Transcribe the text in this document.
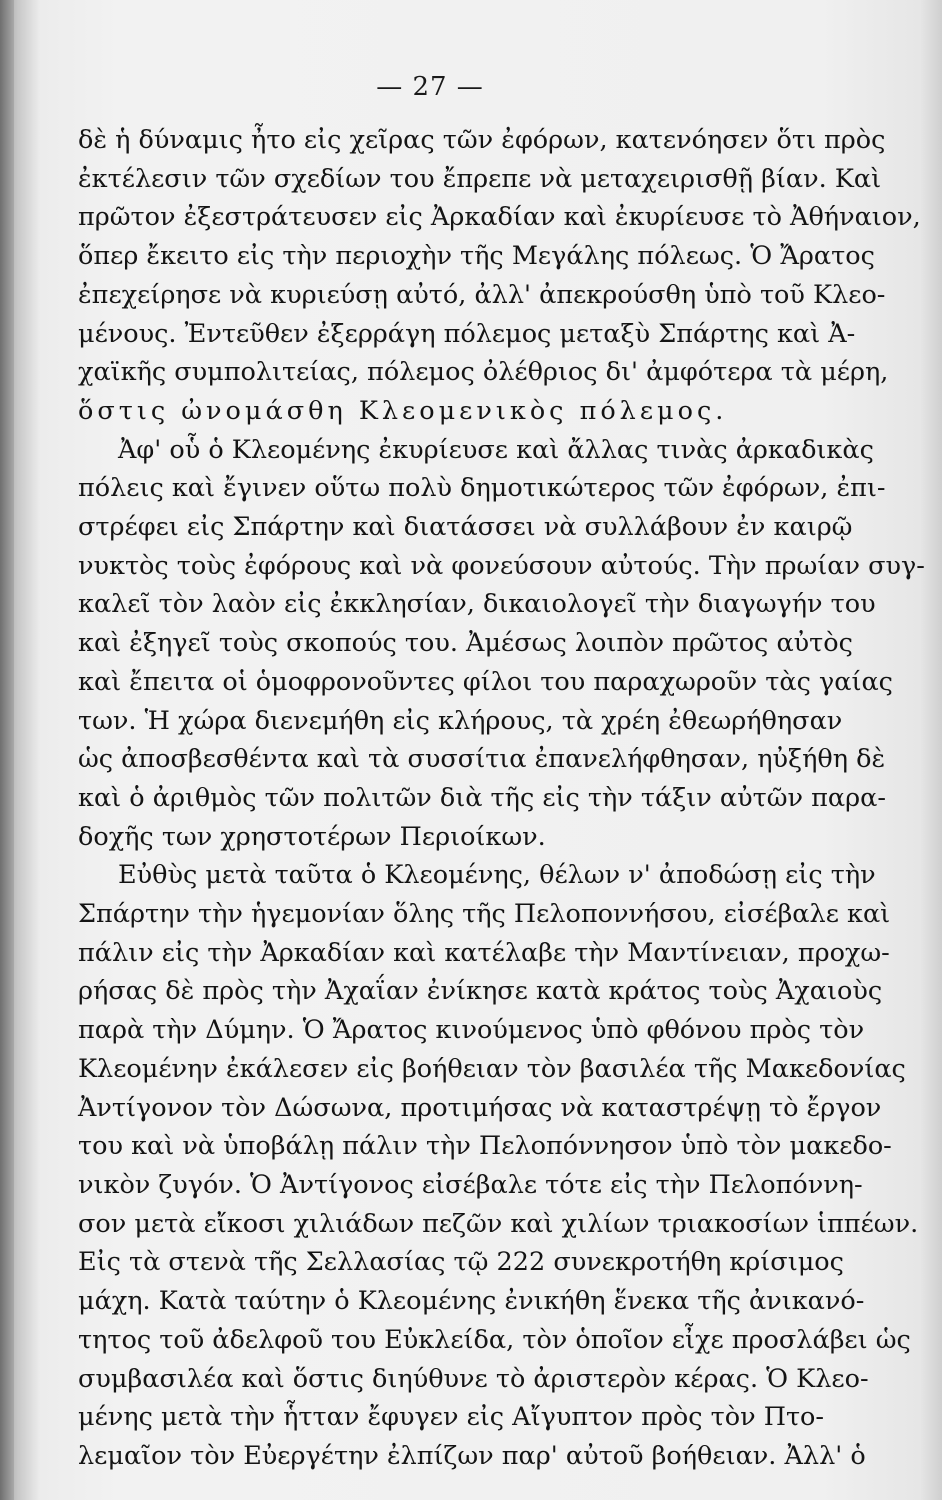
— 27 —
δὲ ἡ δύναμις ἦτο εἰς χεῖρας τῶν ἐφόρων, κατενόησεν ὅτι πρὸς
ἐκτέλεσιν τῶν σχεδίων του ἔπρεπε νὰ μεταχειρισθῇ βίαν. Καὶ
πρῶτον ἐξεστράτευσεν εἰς Ἀρκαδίαν καὶ ἐκυρίευσε τὸ Ἀθήναιον,
ὅπερ ἔκειτο εἰς τὴν περιοχὴν τῆς Μεγάλης πόλεως. Ὁ Ἄρατος
ἐπεχείρησε νὰ κυριεύσῃ αὐτό, ἀλλ' ἀπεκρούσθη ὑπὸ τοῦ Κλεο-
μένους. Ἐντεῦθεν ἐξερράγη πόλεμος μεταξὺ Σπάρτης καὶ Ἀ-
χαϊκῆς συμπολιτείας, πόλεμος ὀλέθριος δι' ἀμφότερα τὰ μέρη,
ὅστις ὠνομάσθη Κλεομενικὸς πόλεμος.
Ἀφ' οὗ ὁ Κλεομένης ἐκυρίευσε καὶ ἄλλας τινὰς ἀρκαδικὰς
πόλεις καὶ ἔγινεν οὕτω πολὺ δημοτικώτερος τῶν ἐφόρων, ἐπι-
στρέφει εἰς Σπάρτην καὶ διατάσσει νὰ συλλάβουν ἐν καιρῷ
νυκτὸς τοὺς ἐφόρους καὶ νὰ φονεύσουν αὐτούς. Τὴν πρωίαν συγ-
καλεῖ τὸν λαὸν εἰς ἐκκλησίαν, δικαιολογεῖ τὴν διαγωγήν του
καὶ ἐξηγεῖ τοὺς σκοπούς του. Ἀμέσως λοιπὸν πρῶτος αὐτὸς
καὶ ἔπειτα οἱ ὁμοφρονοῦντες φίλοι του παραχωροῦν τὰς γαίας
των. Ἡ χώρα διενεμήθη εἰς κλήρους, τὰ χρέη ἐθεωρήθησαν
ὡς ἀποσβεσθέντα καὶ τὰ συσσίτια ἐπανελήφθησαν, ηὐξήθη δὲ
καὶ ὁ ἀριθμὸς τῶν πολιτῶν διὰ τῆς εἰς τὴν τάξιν αὐτῶν παρα-
δοχῆς των χρηστοτέρων Περιοίκων.
Εὐθὺς μετὰ ταῦτα ὁ Κλεομένης, θέλων ν' ἀποδώσῃ εἰς τὴν
Σπάρτην τὴν ἡγεμονίαν ὅλης τῆς Πελοποννήσου, εἰσέβαλε καὶ
πάλιν εἰς τὴν Ἀρκαδίαν καὶ κατέλαβε τὴν Μαντίνειαν, προχω-
ρήσας δὲ πρὸς τὴν Ἀχαΐαν ἐνίκησε κατὰ κράτος τοὺς Ἀχαιοὺς
παρὰ τὴν Δύμην. Ὁ Ἄρατος κινούμενος ὑπὸ φθόνου πρὸς τὸν
Κλεομένην ἐκάλεσεν εἰς βοήθειαν τὸν βασιλέα τῆς Μακεδονίας
Ἀντίγονον τὸν Δώσωνα, προτιμήσας νὰ καταστρέψῃ τὸ ἔργον
του καὶ νὰ ὑποβάλῃ πάλιν τὴν Πελοπόννησον ὑπὸ τὸν μακεδο-
νικὸν ζυγόν. Ὁ Ἀντίγονος εἰσέβαλε τότε εἰς τὴν Πελοπόννη-
σον μετὰ εἴκοσι χιλιάδων πεζῶν καὶ χιλίων τριακοσίων ἱππέων.
Εἰς τὰ στενὰ τῆς Σελλασίας τῷ 222 συνεκροτήθη κρίσιμος
μάχη. Κατὰ ταύτην ὁ Κλεομένης ἐνικήθη ἕνεκα τῆς ἀνικανό-
τητος τοῦ ἀδελφοῦ του Εὐκλείδα, τὸν ὁποῖον εἶχε προσλάβει ὡς
συμβασιλέα καὶ ὅστις διηύθυνε τὸ ἀριστερὸν κέρας. Ὁ Κλεο-
μένης μετὰ τὴν ἧτταν ἔφυγεν εἰς Αἴγυπτον πρὸς τὸν Πτο-
λεμαῖον τὸν Εὐεργέτην ἐλπίζων παρ' αὐτοῦ βοήθειαν. Ἀλλ' ὁ
